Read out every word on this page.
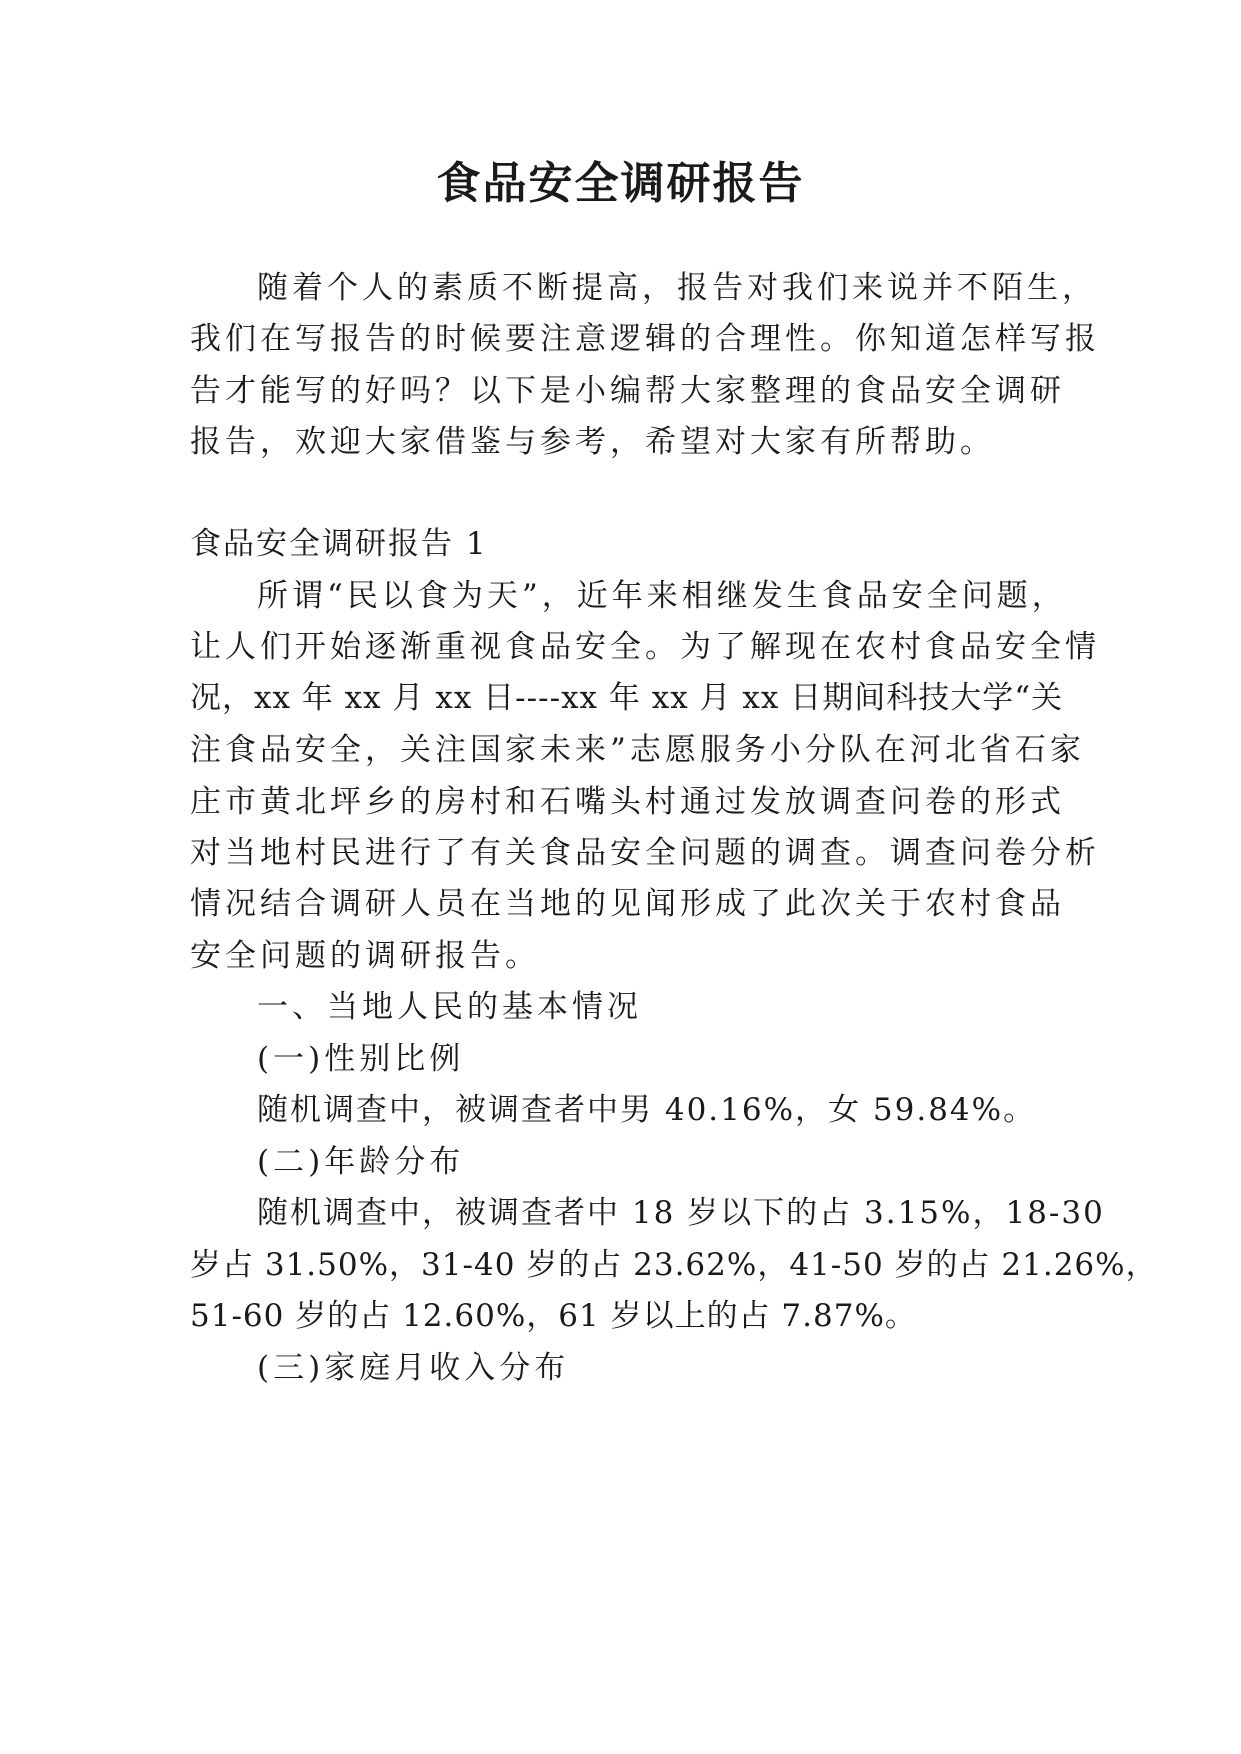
食品安全调研报告

随着个人的素质不断提高，报告对我们来说并不陌生，

我们在写报告的时候要注意逻辑的合理性。你知道怎样写报

告才能写的好吗？以下是小编帮大家整理的食品安全调研

报告，欢迎大家借鉴与参考，希望对大家有所帮助。

食品安全调研报告 1

所谓“民以食为天”，近年来相继发生食品安全问题，

让人们开始逐渐重视食品安全。为了解现在农村食品安全情

况，xx 年 xx 月 xx 日----xx 年 xx 月 xx 日期间科技大学“关

注食品安全，关注国家未来”志愿服务小分队在河北省石家

庄市黄北坪乡的房村和石嘴头村通过发放调查问卷的形式

对当地村民进行了有关食品安全问题的调查。调查问卷分析

情况结合调研人员在当地的见闻形成了此次关于农村食品

安全问题的调研报告。

一、当地人民的基本情况

(一)性别比例

随机调查中，被调查者中男 40.16%，女 59.84%。

(二)年龄分布

随机调查中，被调查者中 18 岁以下的占 3.15%，18-30

岁占 31.50%，31-40 岁的占 23.62%，41-50 岁的占 21.26%，

51-60 岁的占 12.60%，61 岁以上的占 7.87%。

(三)家庭月收入分布
